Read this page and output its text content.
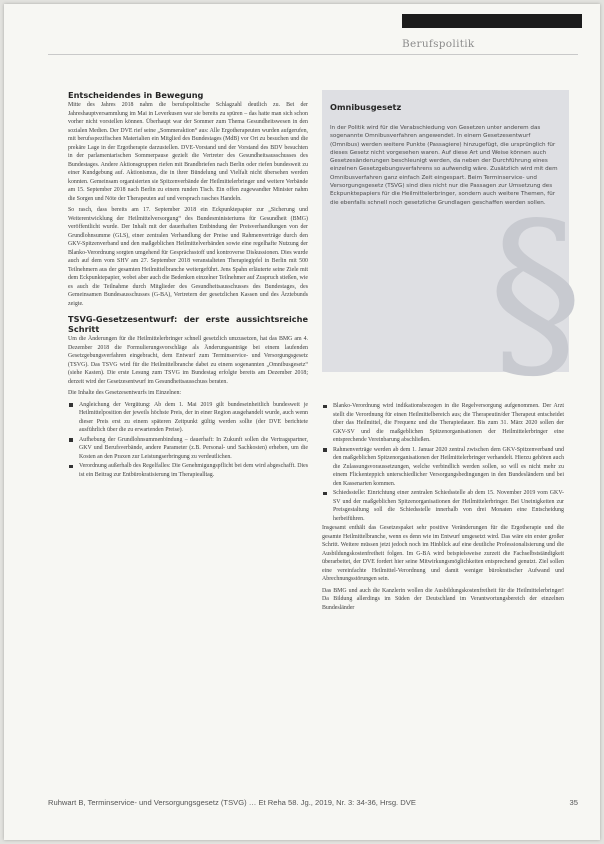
Berufspolitik
Entscheidendes in Bewegung

Mitte des Jahres 2018 nahm die berufspolitische Schlagzahl deutlich zu. Bei der Jahreshauptversammlung im Mai in Leverkusen war sie bereits zu spüren – das hatte man sich schon vorher nicht vorstellen können. Überhaupt war der Sommer zum Thema Gesundheitswesen in den sozialen Medien. Der DVE rief seine „Sommeraktion“ aus: Alle Ergotherapeuten wurden aufgerufen, mit berufsspezifischen Materialien ein Mitglied des Bundestages (MdB) vor Ort zu besuchen und die prekäre Lage in der Ergotherapie darzustellen. DVE-Vorstand und der Vorstand des BDV besuchten in der parlamentarischen Sommerpause gezielt die Vertreter des Gesundheitsausschusses des Bundestages. Andere Aktionsgruppen riefen mit Brandbriefen nach Berlin oder riefen bundesweit zu einer Kundgebung auf. Aktionismus, die in ihrer Bündelung und Vielfalt nicht übersehen werden konnten. Gemeinsam organisierten sie Spitzenverbände der Heilmittelerbringer und weitere Verbände am 15. September 2018 nach Berlin zu einem runden Tisch. Ein offen zugewandter Minister nahm die Sorgen und Nöte der Therapeuten auf und versprach rasches Handeln.

So rasch, dass bereits am 17. September 2018 ein Eckpunktepapier zur „Sicherung und Weiterentwicklung der Heilmittelversorgung“ des Bundesministeriums für Gesundheit (BMG) veröffentlicht wurde. Der Inhalt mit der dauerhaften Entbindung der Preisverhandlungen von der Grundlohnsumme (GLS), einer zentralen Verhandlung der Preise und Rahmenverträge durch den GKV-Spitzenverband und den maßgeblichen Heilmittelverbänden sowie eine regelhafte Nutzung der Blanko-Verordnung sorgten umgehend für Gesprächsstoff und kontroverse Diskussionen. Dies wurde auch auf dem vom SHV am 27. September 2018 veranstalteten Therapiegipfel in Berlin mit 500 Teilnehmern aus der gesamten Heilmittelbranche weitergeführt. Jens Spahn erläuterte seine Ziele mit dem Eckpunktepapier, wobei aber auch die Bedenken einzelner Teilnehmer auf Zuspruch stießen, wie es auch die Teilnahme durch Mitglieder des Gesundheitsausschusses des Bundestages, des Gemeinsamen Bundesausschusses (G-BA), Vertretern der gesetzlichen Kassen und des Ärztebunds zeigte.

TSVG-Gesetzesentwurf: der erste aussichtsreiche Schritt

Um die Änderungen für die Heilmittelerbringer schnell gesetzlich umzusetzen, hat das BMG am 4. Dezember 2018 die Formulierungsvorschläge als Änderungsanträge bei einem laufenden Gesetzgebungsverfahren eingebracht, dem Entwurf zum Terminservice- und Versorgungsgesetz (TSVG). Das TSVG wird für die Heilmittelbranche dabei zu einem sogenannten „Omnibusgesetz“ (siehe Kasten). Die erste Lesung zum TSVG im Bundestag erfolgte bereits am Dezember 2018; derzeit wird der Gesetzesentwurf im Gesundheitsausschuss beraten.

Die Inhalte des Gesetzesentwurfs im Einzelnen:

Angleichung der Vergütung: Ab dem 1. Mai 2019 gilt bundeseinheitlich bundesweit je Heilmittelposition der jeweils höchste Preis, der in einer Region ausgehandelt wurde, auch wenn dieser Preis erst zu einem späteren Zeitpunkt gültig werden sollte (der DVE berichtete ausführlich über die zu erwartenden Preise).
Aufhebung der Grundlohnsummenbindung – dauerhaft: In Zukunft sollen die Vertragspartner, GKV und Berufsverbände, andere Parameter (z.B. Personal- und Sachkosten) erheben, um die Kosten an den Praxen zur Leistungserbringung zu verdeutlichen.
Verordnung außerhalb des Regelfalles: Die Genehmigungspflicht bei dem wird abgeschafft. Dies ist ein Beitrag zur Entbürokratisierung im Therapiealltag.
§
Omnibusgesetz
In der Politik wird für die Verabschiedung von Gesetzen unter anderem das sogenannte Omnibusverfahren angewendet. In einem Gesetzesentwurf (Omnibus) werden weitere Punkte (Passagiere) hinzugefügt, die ursprünglich für dieses Gesetz nicht vorgesehen waren. Auf diese Art und Weise können auch Gesetzesänderungen beschleunigt werden, da neben der Durchführung eines einzelnen Gesetzgebungsverfahrens so aufwendig wäre. Zusätzlich wird mit dem Omnibusverfahren ganz einfach Zeit eingespart. Beim Terminservice- und Versorgungsgesetz (TSVG) sind dies nicht nur die Passagen zur Umsetzung des Eckpunktepapiers für die Heilmittelerbringer, sondern auch weitere Themen, für die ebenfalls schnell noch gesetzliche Grundlagen geschaffen werden sollen.
Blanko-Verordnung wird indikationsbezogen in die Regelversorgung aufgenommen. Der Arzt stellt die Verordnung für einen Heilmittelbereich aus; die Therapeutin/der Therapeut entscheidet über das Heilmittel, die Frequenz und die Therapiedauer. Bis zum 31. März 2020 sollen der GKV-SV und die maßgeblichen Spitzenorganisationen der Heilmittelerbringer eine entsprechende Vereinbarung abschließen.
Rahmenverträge werden ab dem 1. Januar 2020 zentral zwischen dem GKV-Spitzenverband und den maßgeblichen Spitzenorganisationen der Heilmittelerbringer verhandelt. Hierzu gehören auch die Zulassungsvoraussetzungen, welche verbindlich werden sollen, so will es nicht mehr zu einem Flickenteppich unterschiedlicher Versorgungsbedingungen in den Bundesländern und bei den Kassenarten kommen.
Schiedsstelle: Einrichtung einer zentralen Schiedsstelle ab dem 15. November 2019 vom GKV-SV und der maßgeblichen Spitzenorganisationen der Heilmittelerbringer. Bei Uneinigkeiten zur Preisgestaltung soll die Schiedsstelle innerhalb von drei Monaten eine Entscheidung herbeiführen.

Insgesamt enthält das Gesetzespaket sehr positive Veränderungen für die Ergotherapie und die gesamte Heilmittelbranche, wenn es denn wie im Entwurf umgesetzt wird. Das wäre ein erster großer Schritt. Weitere müssen jetzt jedoch noch im Hinblick auf eine deutliche Professionalisierung und die Ausbildungskostenfreiheit folgen. Im G-BA wird beispielsweise zurzeit die Fachselbstständigkeit überarbeitet, der DVE fordert hier seine Mitwirkungsmöglichkeiten entsprechend genutzt. Ziel sollen eine vereinfachte Heilmittel-Verordnung und damit weniger bürokratischer Aufwand und Abrechnungsstörungen sein.

Das BMG und auch die Kanzlerin wollen die Ausbildungskostenfreiheit für die Heilmittelerbringer! Da Bildung allerdings im Süden der Deutschland im Verantwortungsbereich der einzelnen Bundesländer

Ruhwart B, Terminservice- und Versorgungsgesetz (TSVG) … Et Reha 58. Jg., 2019, Nr. 3: 34-36, Hrsg. DVE	35
